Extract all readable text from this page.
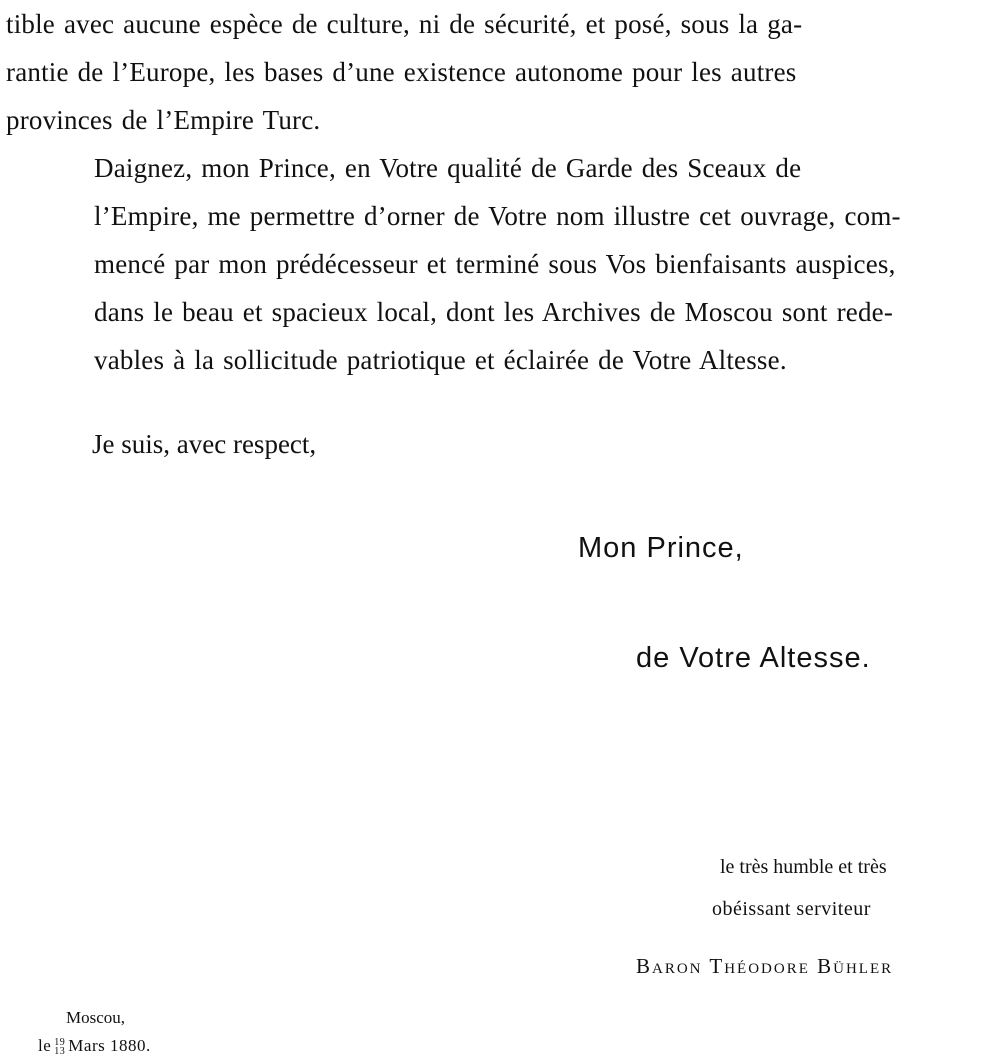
tible avec aucune espèce de culture, ni de sécurité, et posé, sous la ga-
rantie de l’Europe, les bases d’une existence autonome pour les autres
provinces de l’Empire Turc.

Daignez, mon Prince, en Votre qualité de Garde des Sceaux de
l’Empire, me permettre d’orner de Votre nom illustre cet ouvrage, com-
mencé par mon prédécesseur et terminé sous Vos bienfaisants auspices,
dans le beau et spacieux local, dont les Archives de Moscou sont rede-
vables à la sollicitude patriotique et éclairée de Votre Altesse.

Je suis, avec respect,

Mon Prince,

de Votre Altesse.

le très humble et très

obéissant serviteur

Baron Théodore Bühler

Moscou,

le 19
13 Mars 1880.
